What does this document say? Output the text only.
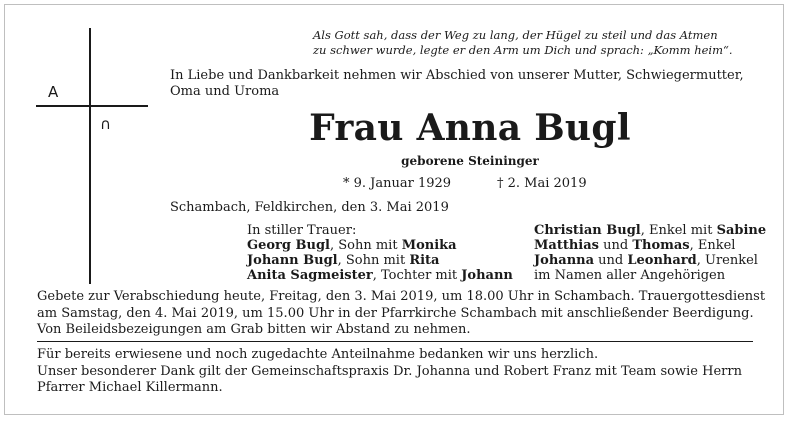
A
∩
Als Gott sah, dass der Weg zu lang, der Hügel zu steil und das Atmen
zu schwer wurde, legte er den Arm um Dich und sprach: „Komm heim“.
In Liebe und Dankbarkeit nehmen wir Abschied von unserer Mutter, Schwiegermutter,
Oma und Uroma
Frau Anna Bugl
geborene Steininger
* 9. Januar 1929	† 2. Mai 2019
Schambach, Feldkirchen, den 3. Mai 2019
In stiller Trauer:
Georg Bugl, Sohn mit Monika
Johann Bugl, Sohn mit Rita
Anita Sagmeister, Tochter mit Johann
Christian Bugl, Enkel mit Sabine
Matthias und Thomas, Enkel
Johanna und Leonhard, Urenkel
im Namen aller Angehörigen
Gebete zur Verabschiedung heute, Freitag, den 3. Mai 2019, um 18.00 Uhr in Schambach. Trauergottesdienst
am Samstag, den 4. Mai 2019, um 15.00 Uhr in der Pfarrkirche Schambach mit anschließender Beerdigung.
Von Beileidsbezeigungen am Grab bitten wir Abstand zu nehmen.
Für bereits erwiesene und noch zugedachte Anteilnahme bedanken wir uns herzlich.
Unser besonderer Dank gilt der Gemeinschaftspraxis Dr. Johanna und Robert Franz mit Team sowie Herrn
Pfarrer Michael Killermann.
